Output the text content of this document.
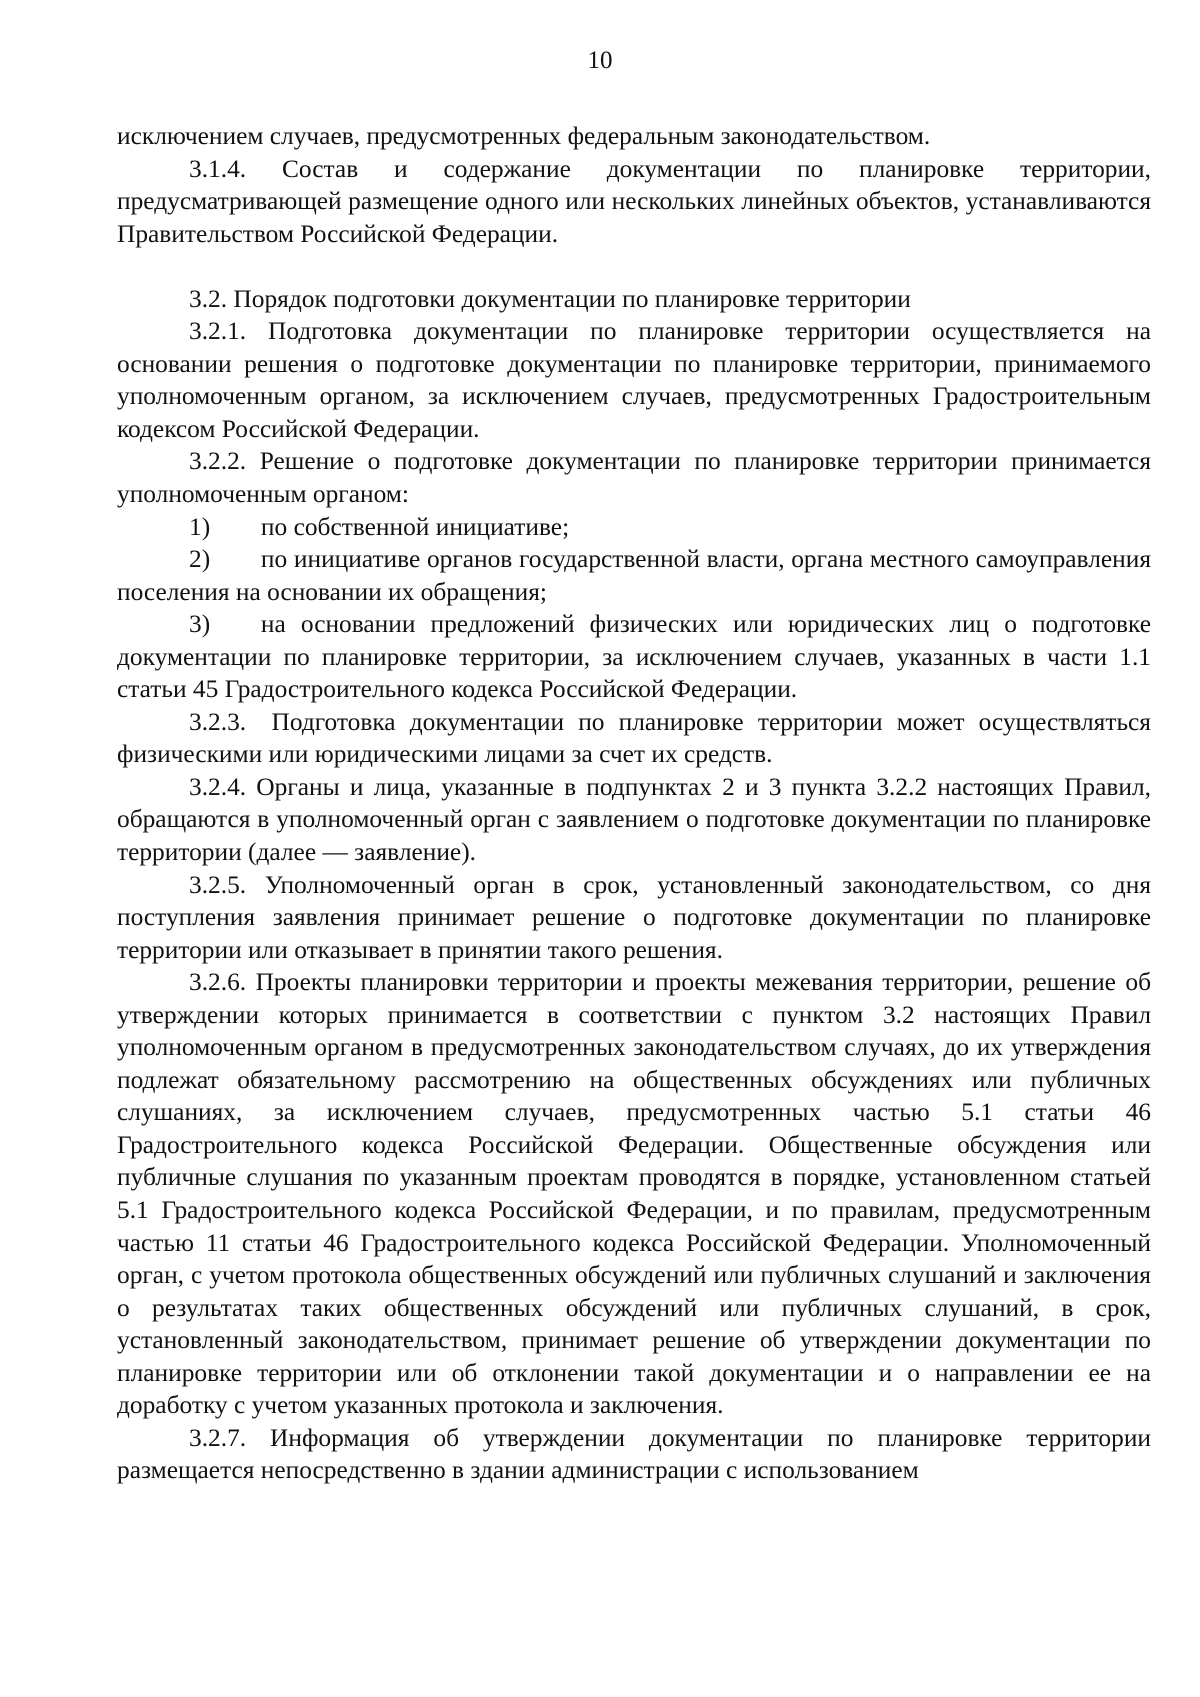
10

исключением случаев, предусмотренных федеральным законодательством.

3.1.4. Состав и содержание документации по планировке территории, предусматривающей размещение одного или нескольких линейных объектов, устанавливаются Правительством Российской Федерации.

3.2. Порядок подготовки документации по планировке территории

3.2.1. Подготовка документации по планировке территории осуществляется на основании решения о подготовке документации по планировке территории, принимаемого уполномоченным органом, за исключением случаев, предусмотренных Градостроительным кодексом Российской Федерации.

3.2.2. Решение о подготовке документации по планировке территории принимается уполномоченным органом:

1)  по собственной инициативе;

2)  по инициативе органов государственной власти, органа местного самоуправления поселения на основании их обращения;

3)  на основании предложений физических или юридических лиц о подготовке документации по планировке территории, за исключением случаев, указанных в части 1.1 статьи 45 Градостроительного кодекса Российской Федерации.

3.2.3. Подготовка документации по планировке территории может осуществляться физическими или юридическими лицами за счет их средств.

3.2.4. Органы и лица, указанные в подпунктах 2 и 3 пункта 3.2.2 настоящих Правил, обращаются в уполномоченный орган с заявлением о подготовке документации по планировке территории (далее — заявление).

3.2.5. Уполномоченный орган в срок, установленный законодательством, со дня поступления заявления принимает решение о подготовке документации по планировке территории или отказывает в принятии такого решения.

3.2.6. Проекты планировки территории и проекты межевания территории, решение об утверждении которых принимается в соответствии с пунктом 3.2 настоящих Правил уполномоченным органом в предусмотренных законодательством случаях, до их утверждения подлежат обязательному рассмотрению на общественных обсуждениях или публичных слушаниях, за исключением случаев, предусмотренных частью 5.1 статьи 46 Градостроительного кодекса Российской Федерации. Общественные обсуждения или публичные слушания по указанным проектам проводятся в порядке, установленном статьей 5.1 Градостроительного кодекса Российской Федерации, и по правилам, предусмотренным частью 11 статьи 46 Градостроительного кодекса Российской Федерации. Уполномоченный орган, с учетом протокола общественных обсуждений или публичных слушаний и заключения о результатах таких общественных обсуждений или публичных слушаний, в срок, установленный законодательством, принимает решение об утверждении документации по планировке территории или об отклонении такой документации и о направлении ее на доработку с учетом указанных протокола и заключения.

3.2.7. Информация об утверждении документации по планировке территории размещается непосредственно в здании администрации с использованием
